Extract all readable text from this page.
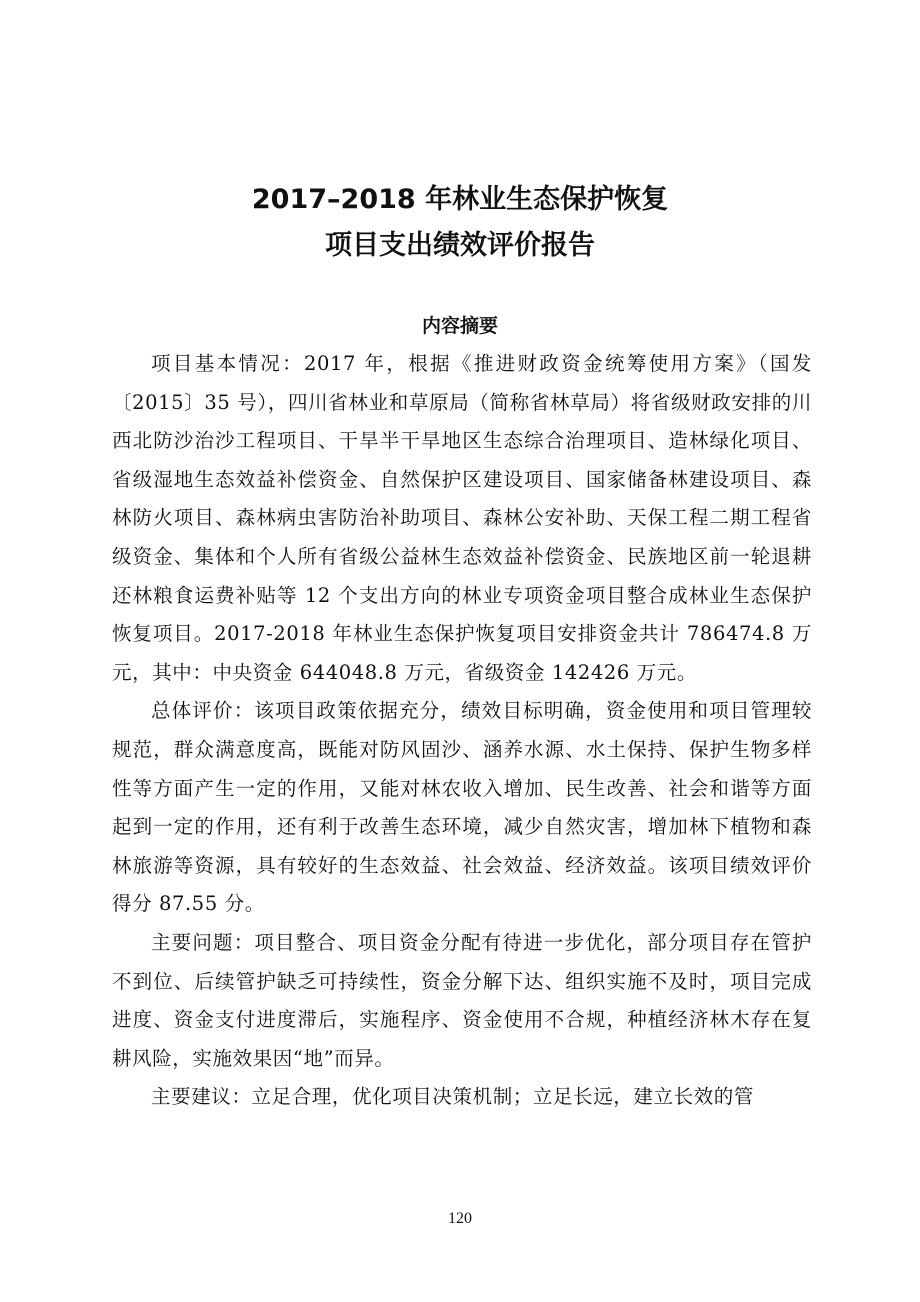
2017–2018 年林业生态保护恢复
项目支出绩效评价报告
内容摘要

项目基本情况：2017 年，根据《推进财政资金统筹使用方案》（国发〔2015〕35 号），四川省林业和草原局（简称省林草局）将省级财政安排的川西北防沙治沙工程项目、干旱半干旱地区生态综合治理项目、造林绿化项目、省级湿地生态效益补偿资金、自然保护区建设项目、国家储备林建设项目、森林防火项目、森林病虫害防治补助项目、森林公安补助、天保工程二期工程省级资金、集体和个人所有省级公益林生态效益补偿资金、民族地区前一轮退耕还林粮食运费补贴等 12 个支出方向的林业专项资金项目整合成林业生态保护恢复项目。2017-2018 年林业生态保护恢复项目安排资金共计 786474.8 万元，其中：中央资金 644048.8 万元，省级资金 142426 万元。

总体评价：该项目政策依据充分，绩效目标明确，资金使用和项目管理较规范，群众满意度高，既能对防风固沙、涵养水源、水土保持、保护生物多样性等方面产生一定的作用，又能对林农收入增加、民生改善、社会和谐等方面起到一定的作用，还有利于改善生态环境，减少自然灾害，增加林下植物和森林旅游等资源，具有较好的生态效益、社会效益、经济效益。该项目绩效评价得分 87.55 分。

主要问题：项目整合、项目资金分配有待进一步优化，部分项目存在管护不到位、后续管护缺乏可持续性，资金分解下达、组织实施不及时，项目完成进度、资金支付进度滞后，实施程序、资金使用不合规，种植经济林木存在复耕风险，实施效果因“地”而异。

主要建议：立足合理，优化项目决策机制；立足长远，建立长效的管

120
